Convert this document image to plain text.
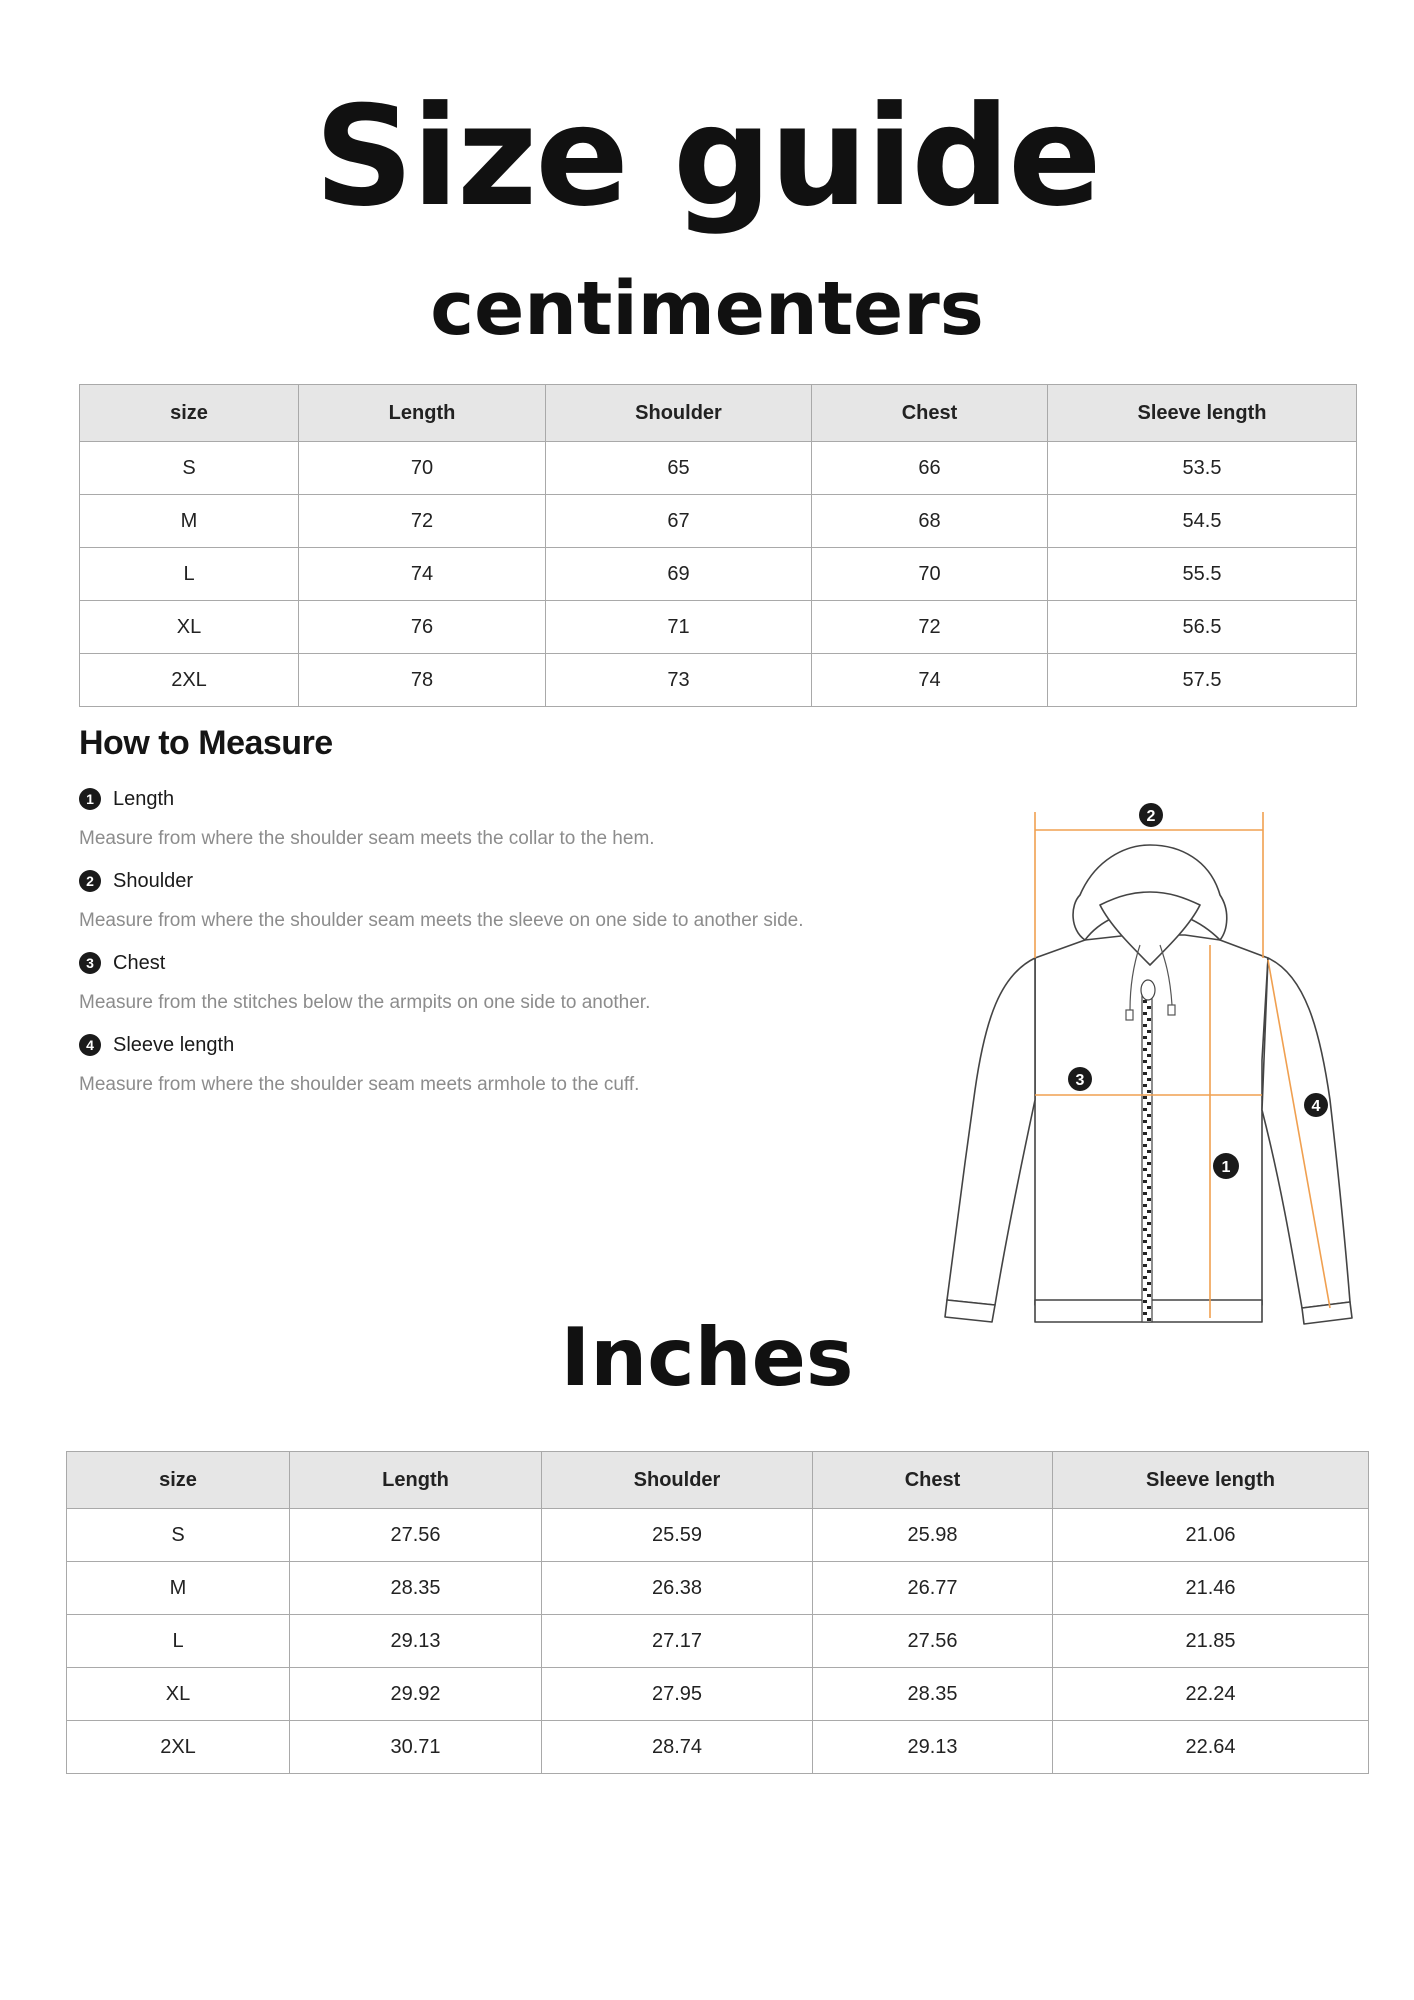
Size guide
centimenters
size	Length	Shoulder	Chest	Sleeve length
S	70	65	66	53.5
M	72	67	68	54.5
L	74	69	70	55.5
XL	76	71	72	56.5
2XL	78	73	74	57.5
How to Measure
1 Length
Measure from where the shoulder seam meets the collar to the hem.
2 Shoulder
Measure from where the shoulder seam meets the sleeve on one side to another side.
3 Chest
Measure from the stitches below the armpits on one side to another.
4 Sleeve length
Measure from where the shoulder seam meets armhole to the cuff.
2
3
1
4
Inches
size	Length	Shoulder	Chest	Sleeve length
S	27.56	25.59	25.98	21.06
M	28.35	26.38	26.77	21.46
L	29.13	27.17	27.56	21.85
XL	29.92	27.95	28.35	22.24
2XL	30.71	28.74	29.13	22.64
